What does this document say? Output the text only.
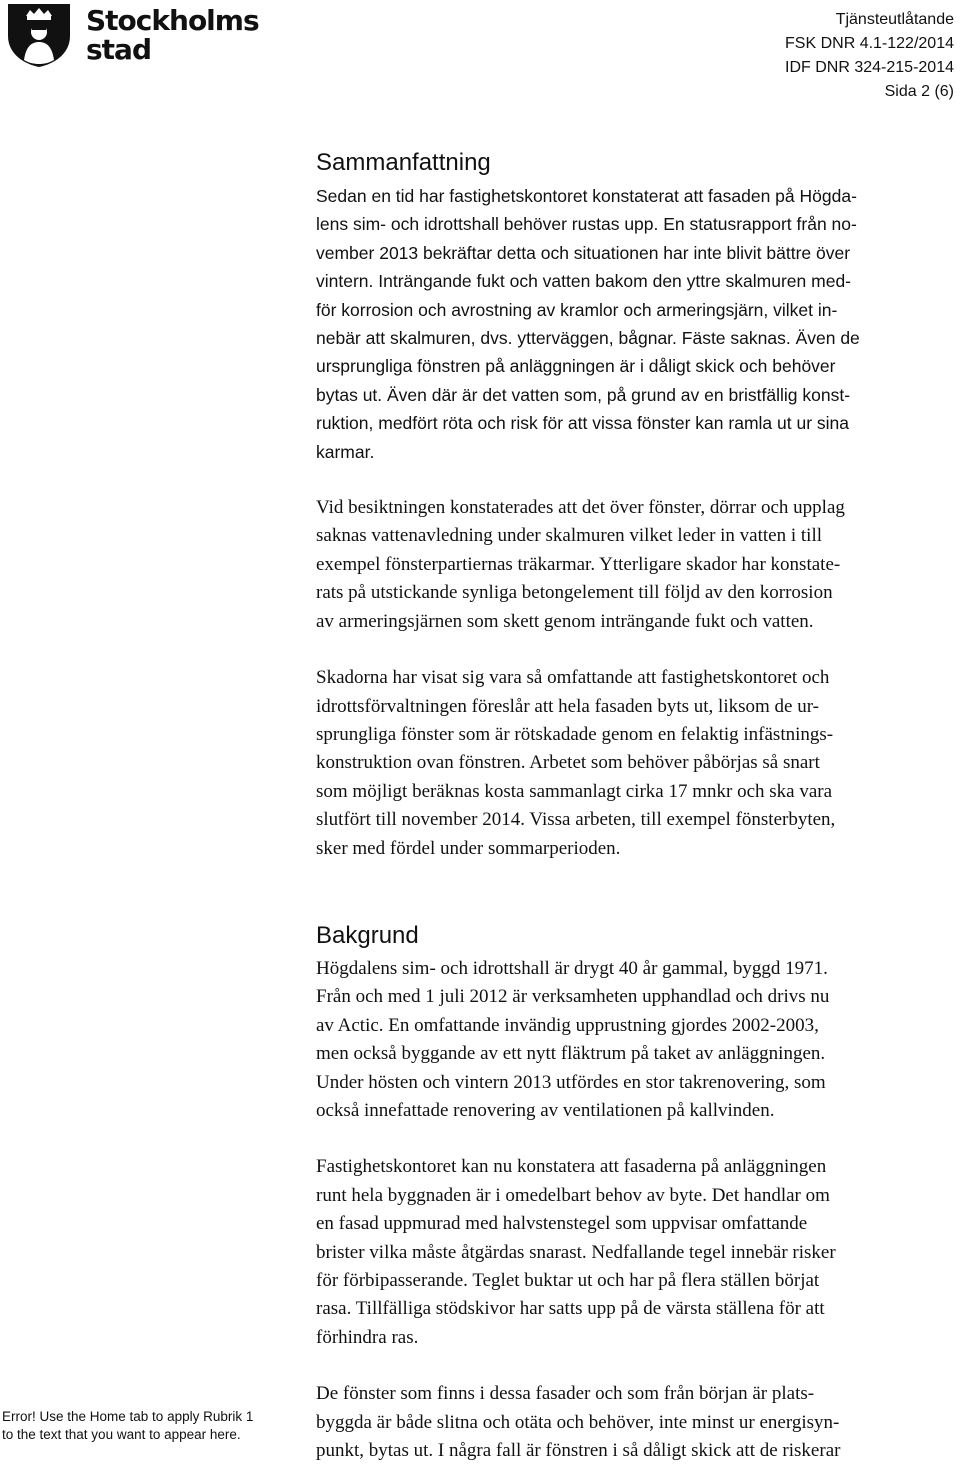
Stockholms
stad
Tjänsteutlåtande
FSK DNR 4.1-122/2014
IDF DNR 324-215-2014
Sida 2 (6)
Sammanfattning

Sedan en tid har fastighetskontoret konstaterat att fasaden på Högda-
lens sim- och idrottshall behöver rustas upp. En statusrapport från no-
vember 2013 bekräftar detta och situationen har inte blivit bättre över
vintern. Inträngande fukt och vatten bakom den yttre skalmuren med-
för korrosion och avrostning av kramlor och armeringsjärn, vilket in-
nebär att skalmuren, dvs. ytterväggen, bågnar. Fäste saknas. Även de
ursprungliga fönstren på anläggningen är i dåligt skick och behöver
bytas ut. Även där är det vatten som, på grund av en bristfällig konst-
ruktion, medfört röta och risk för att vissa fönster kan ramla ut ur sina
karmar.

Vid besiktningen konstaterades att det över fönster, dörrar och upplag
saknas vattenavledning under skalmuren vilket leder in vatten i till
exempel fönsterpartiernas träkarmar. Ytterligare skador har konstate-
rats på utstickande synliga betongelement till följd av den korrosion
av armeringsjärnen som skett genom inträngande fukt och vatten.

Skadorna har visat sig vara så omfattande att fastighetskontoret och
idrottsförvaltningen föreslår att hela fasaden byts ut, liksom de ur-
sprungliga fönster som är rötskadade genom en felaktig infästnings-
konstruktion ovan fönstren. Arbetet som behöver påbörjas så snart
som möjligt beräknas kosta sammanlagt cirka 17 mnkr och ska vara
slutfört till november 2014. Vissa arbeten, till exempel fönsterbyten,
sker med fördel under sommarperioden.

Bakgrund

Högdalens sim- och idrottshall är drygt 40 år gammal, byggd 1971.
Från och med 1 juli 2012 är verksamheten upphandlad och drivs nu
av Actic. En omfattande invändig upprustning gjordes 2002-2003,
men också byggande av ett nytt fläktrum på taket av anläggningen.
Under hösten och vintern 2013 utfördes en stor takrenovering, som
också innefattade renovering av ventilationen på kallvinden.

Fastighetskontoret kan nu konstatera att fasaderna på anläggningen
runt hela byggnaden är i omedelbart behov av byte. Det handlar om
en fasad uppmurad med halvstenstegel som uppvisar omfattande
brister vilka måste åtgärdas snarast. Nedfallande tegel innebär risker
för förbipasserande. Teglet buktar ut och har på flera ställen börjat
rasa. Tillfälliga stödskivor har satts upp på de värsta ställena för att
förhindra ras.

De fönster som finns i dessa fasader och som från början är plats-
byggda är både slitna och otäta och behöver, inte minst ur energisyn-
punkt, bytas ut. I några fall är fönstren i så dåligt skick att de riskerar

Error! Use the Home tab to apply Rubrik 1
to the text that you want to appear here.
